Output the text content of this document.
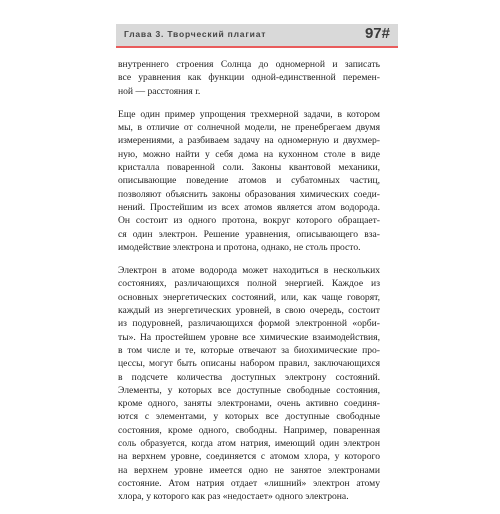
Глава 3. Творческий плагиат	97#

внутреннего строения Солнца до одномерной и записать
все уравнения как функции одной-единственной перемен-
ной — расстояния r.

Еще один пример упрощения трехмерной задачи, в котором
мы, в отличие от солнечной модели, не пренебрегаем двумя
измерениями, а разбиваем задачу на одномерную и двухмер-
ную, можно найти у себя дома на кухонном столе в виде
кристалла поваренной соли. Законы квантовой механики,
описывающие поведение атомов и субатомных частиц,
позволяют объяснить законы образования химических соеди-
нений. Простейшим из всех атомов является атом водорода.
Он состоит из одного протона, вокруг которого обращает-
ся один электрон. Решение уравнения, описывающего вза-
имодействие электрона и протона, однако, не столь просто.

Электрон в атоме водорода может находиться в нескольких
состояниях, различающихся полной энергией. Каждое из
основных энергетических состояний, или, как чаще говорят,
каждый из энергетических уровней, в свою очередь, состоит
из подуровней, различающихся формой электронной «орби-
ты». На простейшем уровне все химические взаимодействия,
в том числе и те, которые отвечают за биохимические про-
цессы, могут быть описаны набором правил, заключающихся
в подсчете количества доступных электрону состояний.
Элементы, у которых все доступные свободные состояния,
кроме одного, заняты электронами, очень активно соединя-
ются с элементами, у которых все доступные свободные
состояния, кроме одного, свободны. Например, поваренная
соль образуется, когда атом натрия, имеющий один электрон
на верхнем уровне, соединяется с атомом хлора, у которого
на верхнем уровне имеется одно не занятое электронами
состояние. Атом натрия отдает «лишний» электрон атому
хлора, у которого как раз «недостает» одного электрона.
